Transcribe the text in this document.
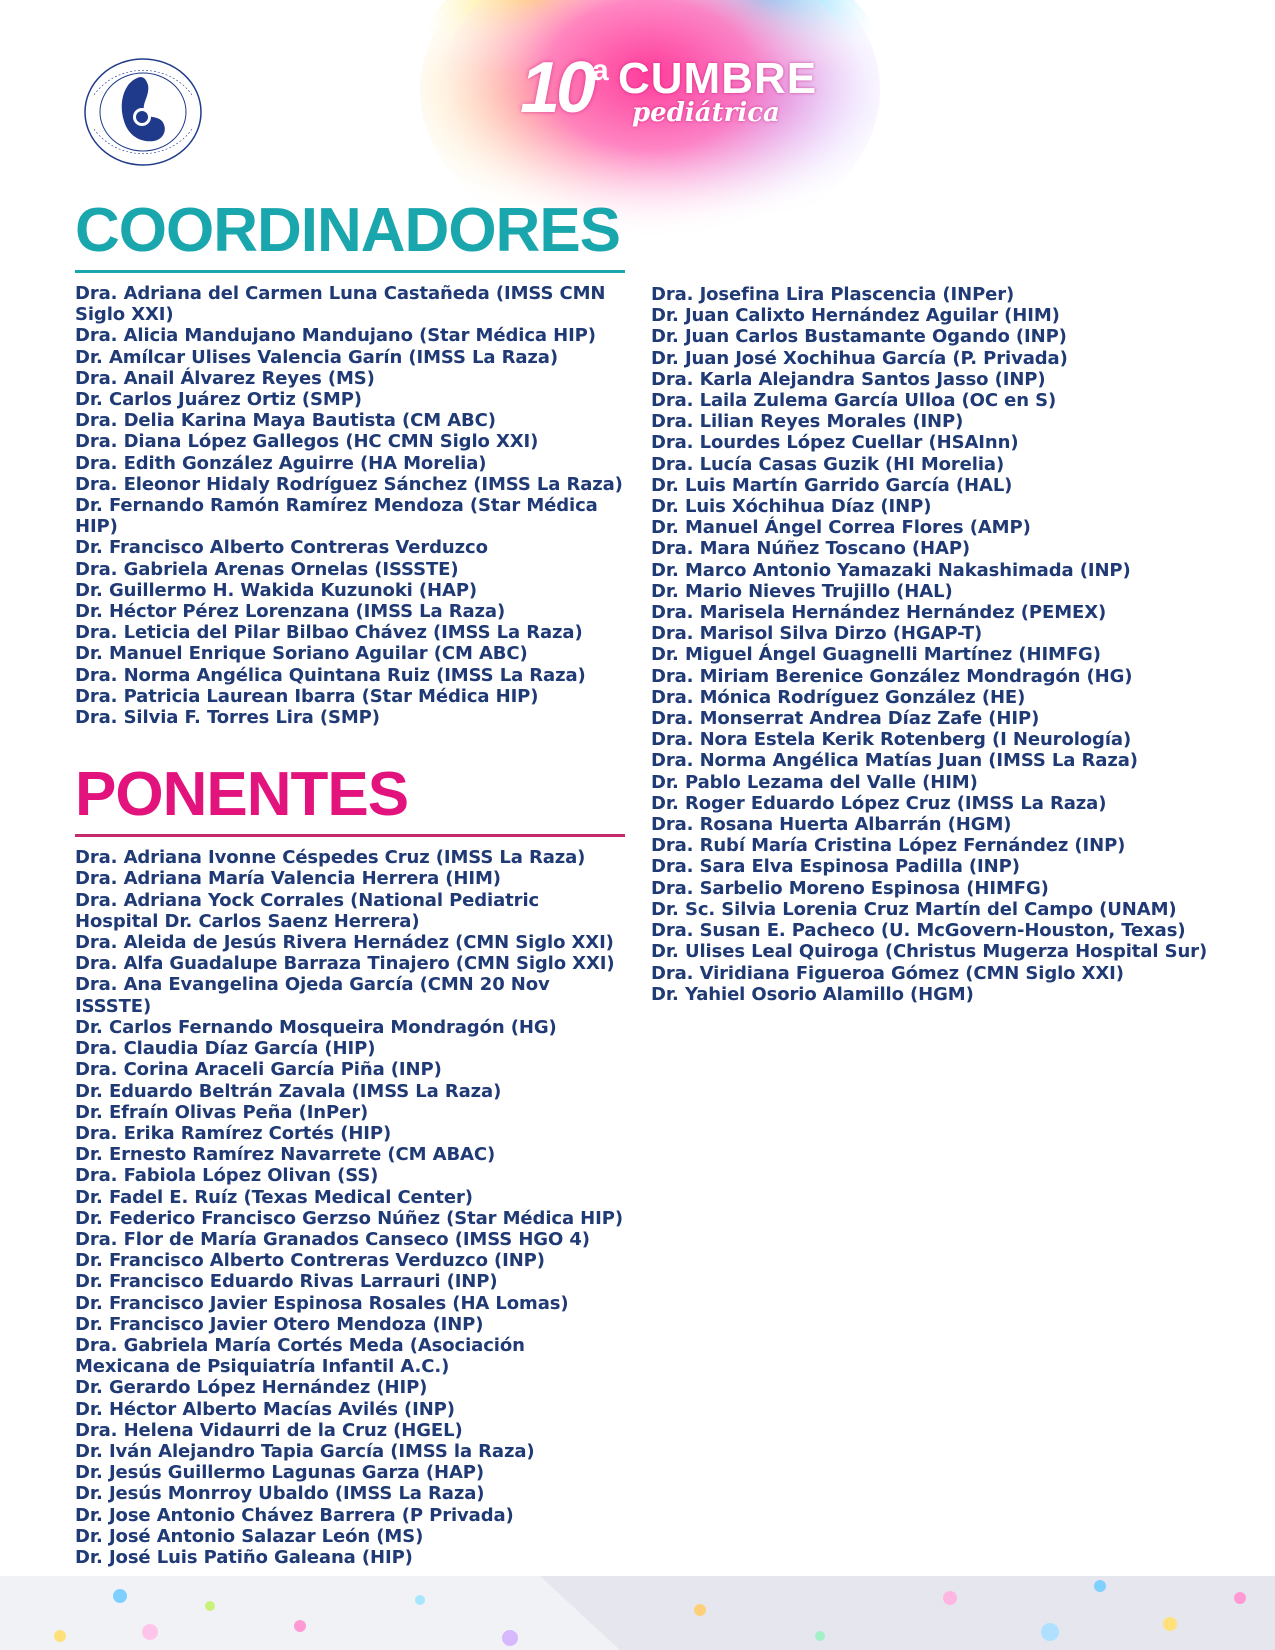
10 a CUMBRE
pediátrica
COORDINADORES
Dra. Adriana del Carmen Luna Castañeda (IMSS CMN Siglo XXI)
Dra. Alicia Mandujano Mandujano (Star Médica HIP)
Dr. Amílcar Ulises Valencia Garín (IMSS La Raza)
Dra. Anail Álvarez Reyes (MS)
Dr. Carlos Juárez Ortiz (SMP)
Dra. Delia Karina Maya Bautista (CM ABC)
Dra. Diana López Gallegos (HC CMN Siglo XXI)
Dra. Edith González Aguirre (HA Morelia)
Dra. Eleonor Hidaly Rodríguez Sánchez (IMSS La Raza)
Dr. Fernando Ramón Ramírez Mendoza (Star Médica HIP)
Dr. Francisco Alberto Contreras Verduzco
Dra. Gabriela Arenas Ornelas (ISSSTE)
Dr. Guillermo H. Wakida Kuzunoki (HAP)
Dr. Héctor Pérez Lorenzana (IMSS La Raza)
Dra. Leticia del Pilar Bilbao Chávez (IMSS La Raza)
Dr. Manuel Enrique Soriano Aguilar (CM ABC)
Dra. Norma Angélica Quintana Ruiz (IMSS La Raza)
Dra. Patricia Laurean Ibarra (Star Médica HIP)
Dra. Silvia F. Torres Lira (SMP)
PONENTES
Dra. Adriana Ivonne Céspedes Cruz (IMSS La Raza)
Dra. Adriana María Valencia Herrera (HIM)
Dra. Adriana Yock Corrales (National Pediatric Hospital Dr. Carlos Saenz Herrera)
Dra. Aleida de Jesús Rivera Hernádez (CMN Siglo XXI)
Dra. Alfa Guadalupe Barraza Tinajero (CMN Siglo XXI)
Dra. Ana Evangelina Ojeda García (CMN 20 Nov ISSSTE)
Dr. Carlos Fernando Mosqueira Mondragón (HG)
Dra. Claudia Díaz García (HIP)
Dra. Corina Araceli García Piña (INP)
Dr. Eduardo Beltrán Zavala (IMSS La Raza)
Dr. Efraín Olivas Peña (InPer)
Dra. Erika Ramírez Cortés (HIP)
Dr. Ernesto Ramírez Navarrete (CM ABAC)
Dra. Fabiola López Olivan (SS)
Dr. Fadel E. Ruíz (Texas Medical Center)
Dr. Federico Francisco Gerzso Núñez (Star Médica HIP)
Dra. Flor de María Granados Canseco (IMSS HGO 4)
Dr. Francisco Alberto Contreras Verduzco (INP)
Dr. Francisco Eduardo Rivas Larrauri (INP)
Dr. Francisco Javier Espinosa Rosales (HA Lomas)
Dr. Francisco Javier Otero Mendoza (INP)
Dra. Gabriela María Cortés Meda (Asociación Mexicana de Psiquiatría Infantil A.C.)
Dr. Gerardo López Hernández (HIP)
Dr. Héctor Alberto Macías Avilés (INP)
Dra. Helena Vidaurri de la Cruz (HGEL)
Dr. Iván Alejandro Tapia García (IMSS la Raza)
Dr. Jesús Guillermo Lagunas Garza (HAP)
Dr. Jesús Monrroy Ubaldo (IMSS La Raza)
Dr. Jose Antonio Chávez Barrera (P Privada)
Dr. José Antonio Salazar León (MS)
Dr. José Luis Patiño Galeana (HIP)
Dra. Josefina Lira Plascencia (INPer)
Dr. Juan Calixto Hernández Aguilar (HIM)
Dr. Juan Carlos Bustamante Ogando (INP)
Dr. Juan José Xochihua García (P. Privada)
Dra. Karla Alejandra Santos Jasso (INP)
Dra. Laila Zulema García Ulloa (OC en S)
Dra. Lilian Reyes Morales (INP)
Dra. Lourdes López Cuellar (HSAInn)
Dra. Lucía Casas Guzik (HI Morelia)
Dr. Luis Martín Garrido García (HAL)
Dr. Luis Xóchihua Díaz (INP)
Dr. Manuel Ángel Correa Flores (AMP)
Dra. Mara Núñez Toscano (HAP)
Dr. Marco Antonio Yamazaki Nakashimada (INP)
Dr. Mario Nieves Trujillo (HAL)
Dra. Marisela Hernández Hernández (PEMEX)
Dra. Marisol Silva Dirzo (HGAP-T)
Dr. Miguel Ángel Guagnelli Martínez (HIMFG)
Dra. Miriam Berenice González Mondragón (HG)
Dra. Mónica Rodríguez González (HE)
Dra. Monserrat Andrea Díaz Zafe (HIP)
Dra. Nora Estela Kerik Rotenberg (I Neurología)
Dra. Norma Angélica Matías Juan (IMSS La Raza)
Dr. Pablo Lezama del Valle (HIM)
Dr. Roger Eduardo López Cruz (IMSS La Raza)
Dra. Rosana Huerta Albarrán (HGM)
Dra. Rubí María Cristina López Fernández (INP)
Dra. Sara Elva Espinosa Padilla (INP)
Dra. Sarbelio Moreno Espinosa (HIMFG)
Dr. Sc. Silvia Lorenia Cruz Martín del Campo (UNAM)
Dra. Susan E. Pacheco (U. McGovern-Houston, Texas)
Dr. Ulises Leal Quiroga (Christus Mugerza Hospital Sur)
Dra. Viridiana Figueroa Gómez (CMN Siglo XXI)
Dr. Yahiel Osorio Alamillo (HGM)
